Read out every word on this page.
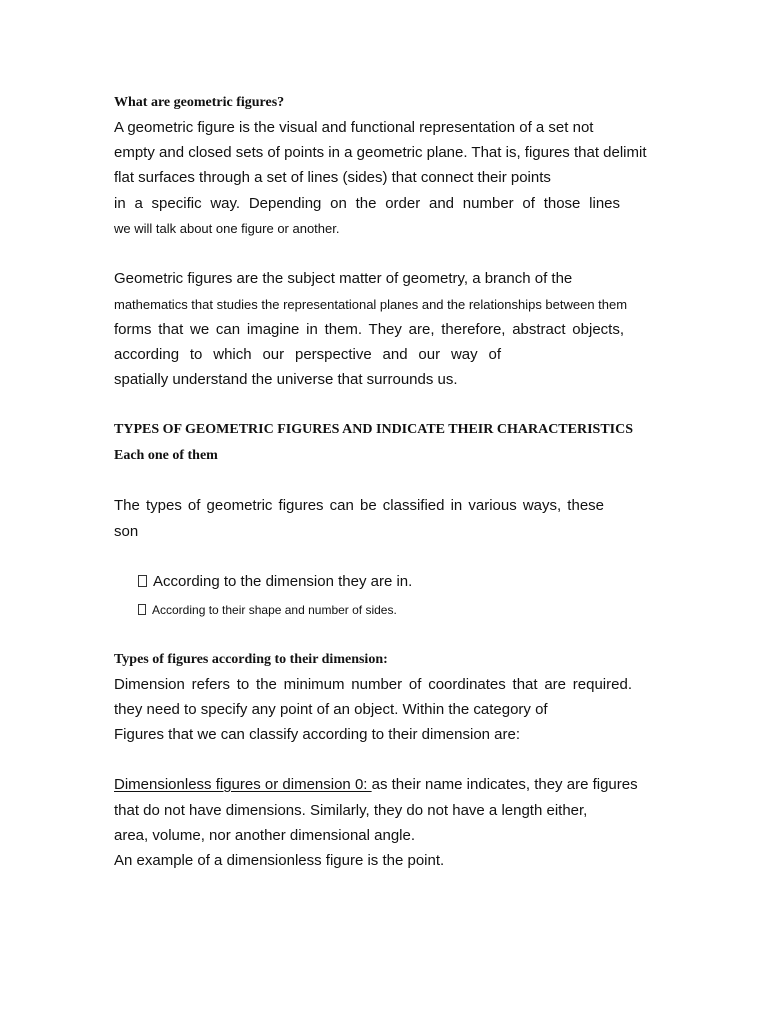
What are geometric figures?
A geometric figure is the visual and functional representation of a set not
empty and closed sets of points in a geometric plane. That is, figures that delimit
flat surfaces through a set of lines (sides) that connect their points
in a specific way. Depending on the order and number of those lines
we will talk about one figure or another.
Geometric figures are the subject matter of geometry, a branch of the
mathematics that studies the representational planes and the relationships between them
forms that we can imagine in them. They are, therefore, abstract objects,
according to which our perspective and our way of
spatially understand the universe that surrounds us.
TYPES OF GEOMETRIC FIGURES AND INDICATE THEIR CHARACTERISTICS
Each one of them
The types of geometric figures can be classified in various ways, these
son
According to the dimension they are in.
According to their shape and number of sides.
Types of figures according to their dimension:
Dimension refers to the minimum number of coordinates that are required.
they need to specify any point of an object. Within the category of
Figures that we can classify according to their dimension are:
Dimensionless figures or dimension 0: as their name indicates, they are figures
that do not have dimensions. Similarly, they do not have a length either,
area, volume, nor another dimensional angle.
An example of a dimensionless figure is the point.
